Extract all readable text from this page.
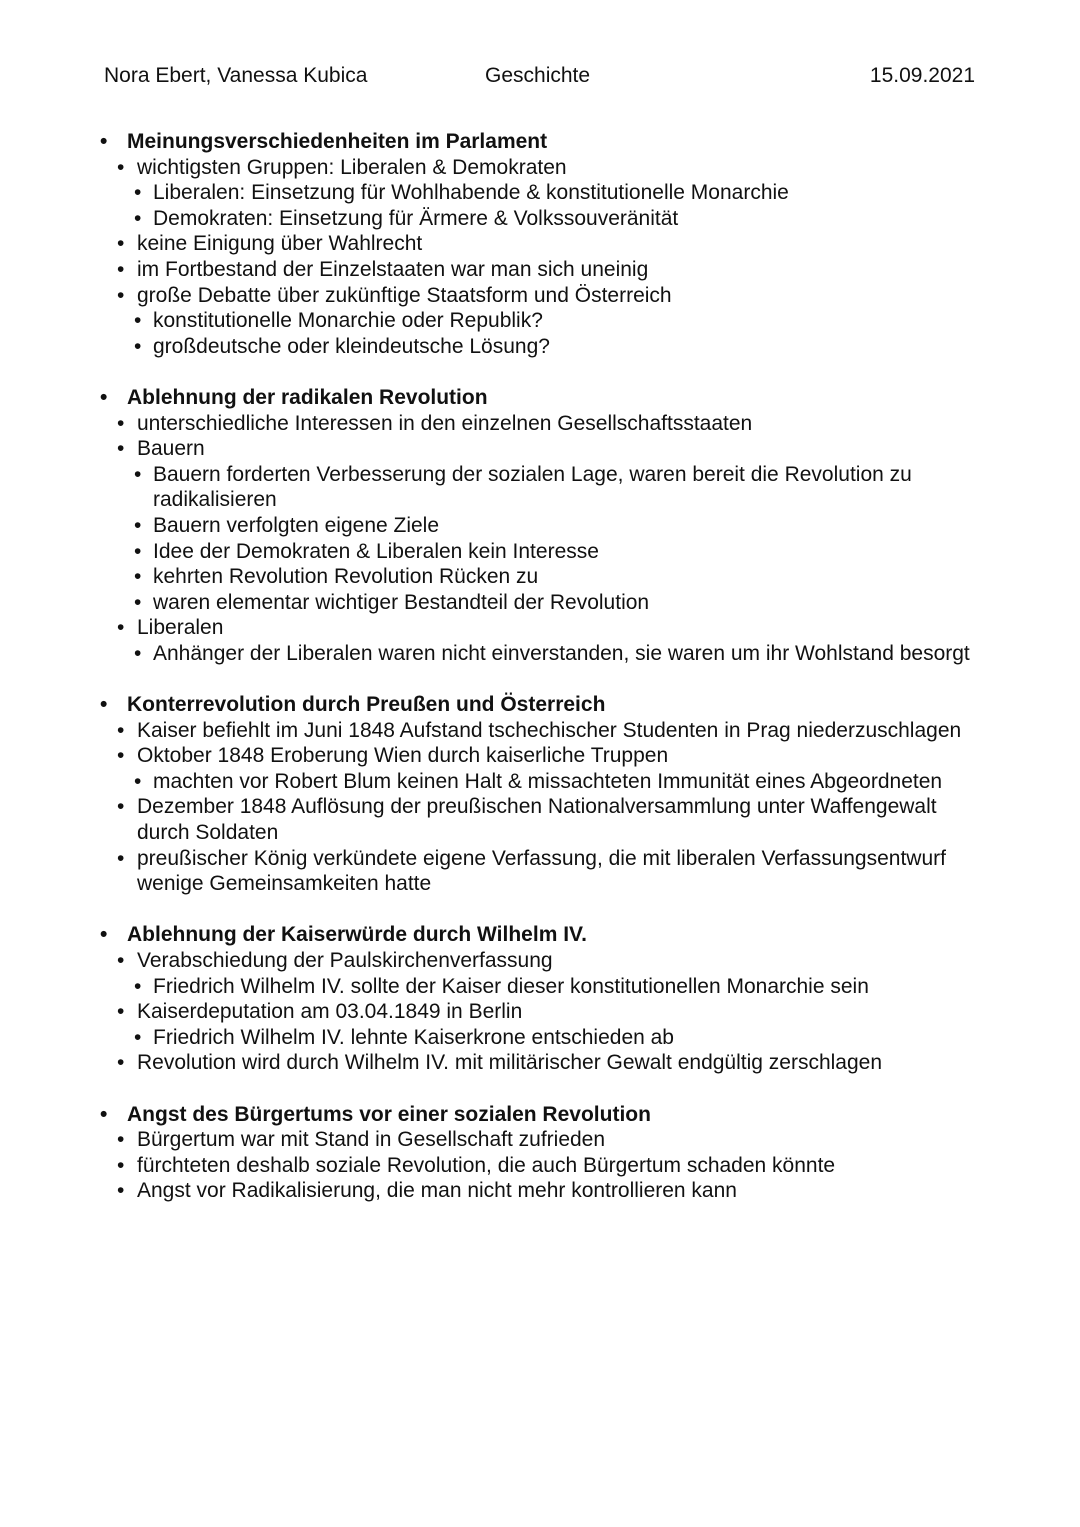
Nora Ebert, Vanessa Kubica	Geschichte	15.09.2021
• Meinungsverschiedenheiten im Parlament
• wichtigsten Gruppen: Liberalen & Demokraten
• Liberalen: Einsetzung für Wohlhabende & konstitutionelle Monarchie
• Demokraten: Einsetzung für Ärmere & Volkssouveränität
• keine Einigung über Wahlrecht
• im Fortbestand der Einzelstaaten war man sich uneinig
• große Debatte über zukünftige Staatsform und Österreich
• konstitutionelle Monarchie oder Republik?
• großdeutsche oder kleindeutsche Lösung?
• Ablehnung der radikalen Revolution
• unterschiedliche Interessen in den einzelnen Gesellschaftsstaaten
• Bauern
• Bauern forderten Verbesserung der sozialen Lage, waren bereit die Revolution zu radikalisieren
• Bauern verfolgten eigene Ziele
• Idee der Demokraten & Liberalen kein Interesse
• kehrten Revolution Revolution Rücken zu
• waren elementar wichtiger Bestandteil der Revolution
• Liberalen
• Anhänger der Liberalen waren nicht einverstanden, sie waren um ihr Wohlstand besorgt
• Konterrevolution durch Preußen und Österreich
• Kaiser befiehlt im Juni 1848 Aufstand tschechischer Studenten in Prag niederzuschlagen
• Oktober 1848 Eroberung Wien durch kaiserliche Truppen
• machten vor Robert Blum keinen Halt & missachteten Immunität eines Abgeordneten
• Dezember 1848 Auflösung der preußischen Nationalversammlung unter Waffengewalt durch Soldaten
• preußischer König verkündete eigene Verfassung, die mit liberalen Verfassungsentwurf wenige Gemeinsamkeiten hatte
• Ablehnung der Kaiserwürde durch Wilhelm IV.
• Verabschiedung der Paulskirchenverfassung
• Friedrich Wilhelm IV. sollte der Kaiser dieser konstitutionellen Monarchie sein
• Kaiserdeputation am 03.04.1849 in Berlin
• Friedrich Wilhelm IV. lehnte Kaiserkrone entschieden ab
• Revolution wird durch Wilhelm IV. mit militärischer Gewalt endgültig zerschlagen
• Angst des Bürgertums vor einer sozialen Revolution
• Bürgertum war mit Stand in Gesellschaft zufrieden
• fürchteten deshalb soziale Revolution, die auch Bürgertum schaden könnte
• Angst vor Radikalisierung, die man nicht mehr kontrollieren kann
